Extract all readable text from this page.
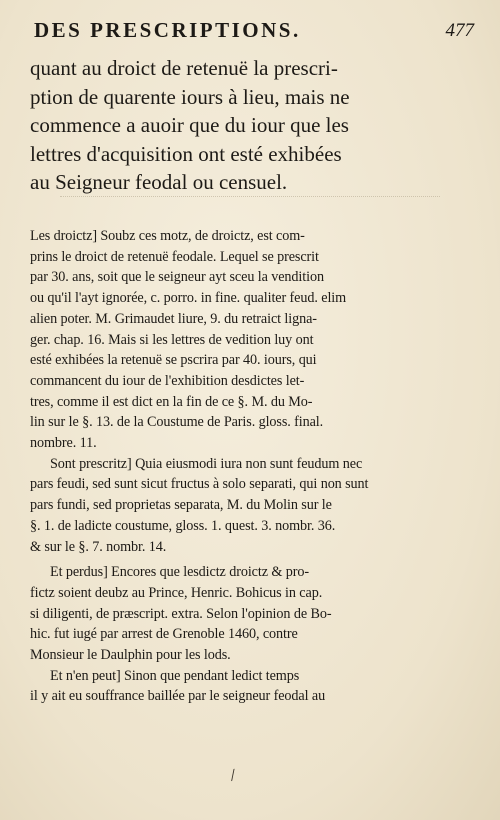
DES PRESCRIPTIONS.	477
quant au droict de retenuë la prescri-
ption de quarente iours à lieu, mais ne
commence a auoir que du iour que les
lettres d'acquisition ont esté exhibées
au Seigneur feodal ou censuel.
Les droictz] Soubz ces motz, de droictz, est com-
prins le droict de retenuë feodale. Lequel se prescrit
par 30. ans, soit que le seigneur ayt sceu la vendition
ou qu'il l'ayt ignorée, c. porro. in fine. qualiter feud. elim
alien poter. M. Grimaudet liure, 9. du retraict ligna-
ger. chap. 16. Mais si les lettres de vedition luy ont
esté exhibées la retenuë se pscrira par 40. iours, qui
commancent du iour de l'exhibition desdictes let-
tres, comme il est dict en la fin de ce §. M. du Mo-
lin sur le §. 13. de la Coustume de Paris. gloss. final.
nombre. 11.
Sont prescritz] Quia eiusmodi iura non sunt feudum nec
pars feudi, sed sunt sicut fructus à solo separati, qui non sunt
pars fundi, sed proprietas separata, M. du Molin sur le
§. 1. de ladicte coustume, gloss. 1. quest. 3. nombr. 36.
& sur le §. 7. nombr. 14.
Et perdus] Encores que lesdictz droictz & pro-
fictz soient deubz au Prince, Henric. Bohicus in cap.
si diligenti, de præscript. extra. Selon l'opinion de Bo-
hic. fut iugé par arrest de Grenoble 1460, contre
Monsieur le Daulphin pour les lods.
Et n'en peut] Sinon que pendant ledict temps
il y ait eu souffrance baillée par le seigneur feodal au
⁄
